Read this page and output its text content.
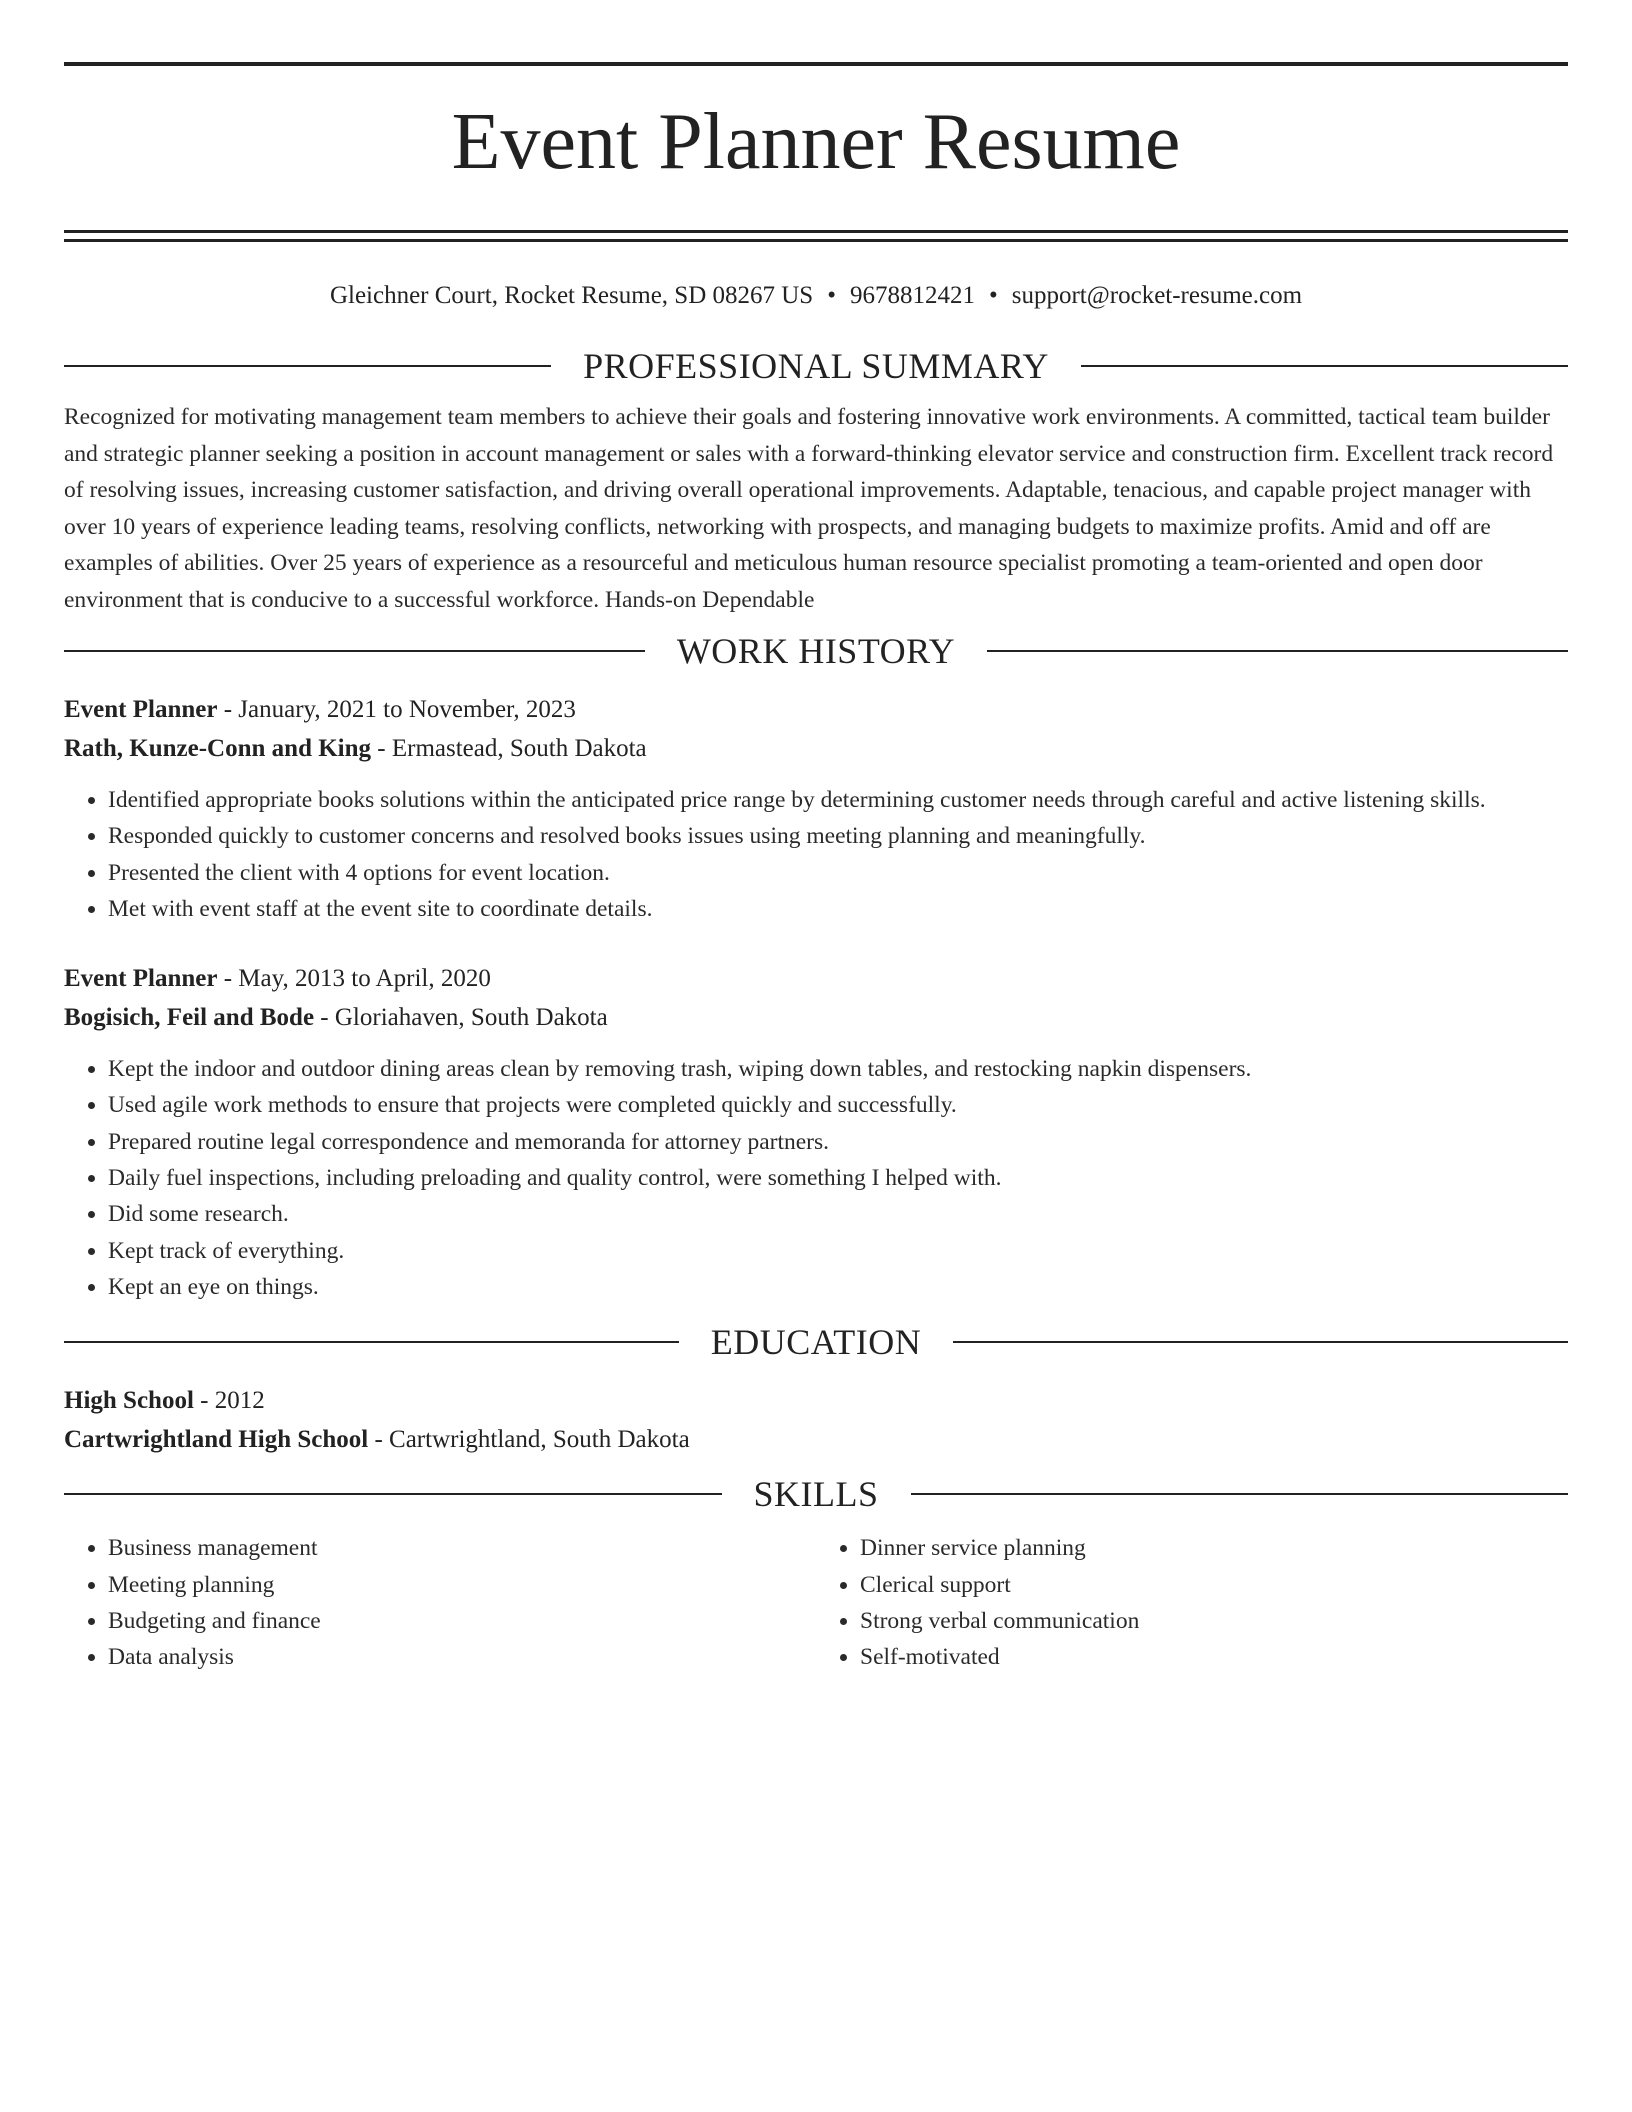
Event Planner Resume
Gleichner Court, Rocket Resume, SD 08267 US • 9678812421 • support@rocket-resume.com
PROFESSIONAL SUMMARY

Recognized for motivating management team members to achieve their goals and fostering innovative work environments. A committed, tactical team builder and strategic planner seeking a position in account management or sales with a forward-thinking elevator service and construction firm. Excellent track record of resolving issues, increasing customer satisfaction, and driving overall operational improvements. Adaptable, tenacious, and capable project manager with over 10 years of experience leading teams, resolving conflicts, networking with prospects, and managing budgets to maximize profits. Amid and off are examples of abilities. Over 25 years of experience as a resourceful and meticulous human resource specialist promoting a team-oriented and open door environment that is conducive to a successful workforce. Hands-on Dependable

WORK HISTORY
Event Planner - January, 2021 to November, 2023
Rath, Kunze-Conn and King - Ermastead, South Dakota
• Identified appropriate books solutions within the anticipated price range by determining customer needs through careful and active listening skills.
• Responded quickly to customer concerns and resolved books issues using meeting planning and meaningfully.
• Presented the client with 4 options for event location.
• Met with event staff at the event site to coordinate details.
Event Planner - May, 2013 to April, 2020
Bogisich, Feil and Bode - Gloriahaven, South Dakota
• Kept the indoor and outdoor dining areas clean by removing trash, wiping down tables, and restocking napkin dispensers.
• Used agile work methods to ensure that projects were completed quickly and successfully.
• Prepared routine legal correspondence and memoranda for attorney partners.
• Daily fuel inspections, including preloading and quality control, were something I helped with.
• Did some research.
• Kept track of everything.
• Kept an eye on things.
EDUCATION
High School - 2012
Cartwrightland High School - Cartwrightland, South Dakota
SKILLS
• Business management
• Meeting planning
• Budgeting and finance
• Data analysis
• Dinner service planning
• Clerical support
• Strong verbal communication
• Self-motivated
